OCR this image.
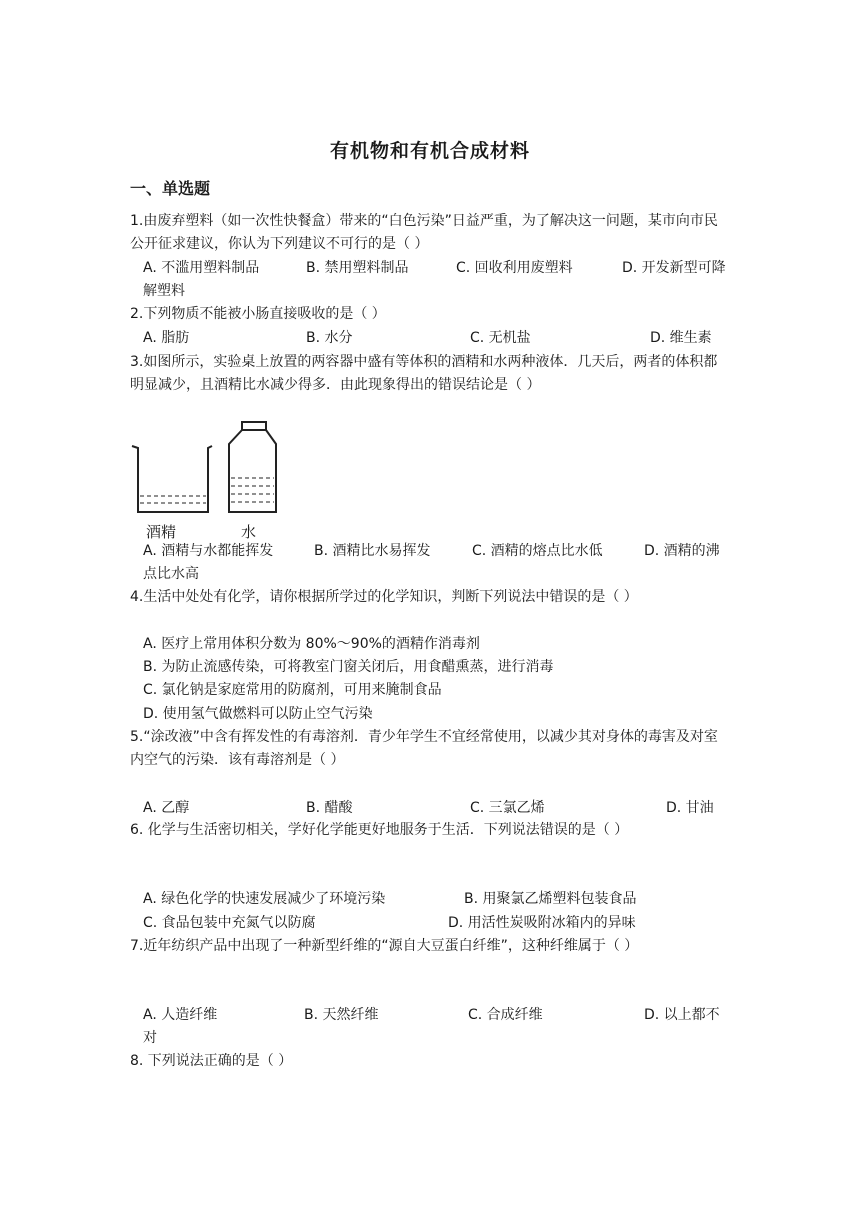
有机物和有机合成材料
一、单选题
1.由废弃塑料（如一次性快餐盒）带来的“白色污染”日益严重，为了解决这一问题，某市向市民公开征求建议，你认为下列建议不可行的是（ ）
A. 不滥用塑料制品	B. 禁用塑料制品	C. 回收利用废塑料	D. 开发新型可降
解塑料
2.下列物质不能被小肠直接吸收的是（ ）
A. 脂肪	B. 水分	C. 无机盐	D. 维生素
3.如图所示，实验桌上放置的两容器中盛有等体积的酒精和水两种液体．几天后，两者的体积都明显减少，且酒精比水减少得多．由此现象得出的错误结论是（ ）
酒精	水
A. 酒精与水都能挥发	B. 酒精比水易挥发	C. 酒精的熔点比水低	D. 酒精的沸
点比水高
4.生活中处处有化学，请你根据所学过的化学知识，判断下列说法中错误的是（ ）
A. 医疗上常用体积分数为 80%～90%的酒精作消毒剂
B. 为防止流感传染，可将教室门窗关闭后，用食醋熏蒸，进行消毒
C. 氯化钠是家庭常用的防腐剂，可用来腌制食品
D. 使用氢气做燃料可以防止空气污染
5.“涂改液”中含有挥发性的有毒溶剂．青少年学生不宜经常使用，以减少其对身体的毒害及对室内空气的污染．该有毒溶剂是（ ）
A. 乙醇	B. 醋酸	C. 三氯乙烯	D. 甘油
6. 化学与生活密切相关，学好化学能更好地服务于生活．下列说法错误的是（ ）
A. 绿色化学的快速发展减少了环境污染	B. 用聚氯乙烯塑料包装食品
C. 食品包装中充氮气以防腐	D. 用活性炭吸附冰箱内的异味
7.近年纺织产品中出现了一种新型纤维的“源自大豆蛋白纤维”，这种纤维属于（ ）
A. 人造纤维	B. 天然纤维	C. 合成纤维	D. 以上都不
对
8. 下列说法正确的是（ ）
